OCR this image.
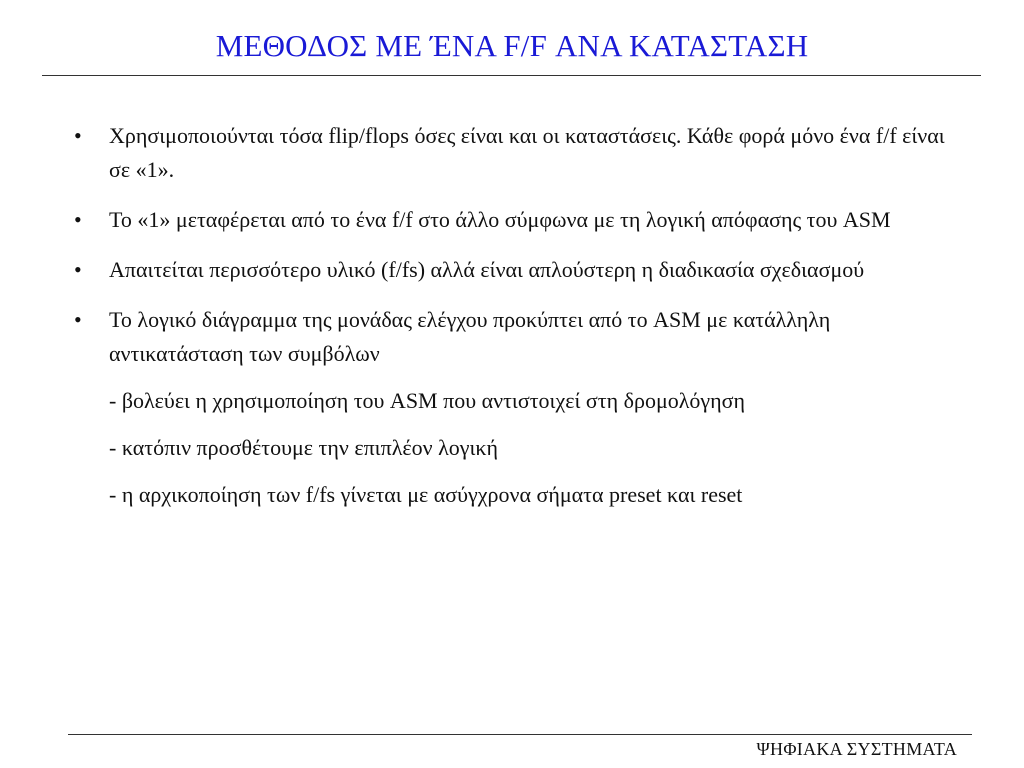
ΜΕΘΟΔΟΣ ΜΕ ΈΝΑ F/F ΑΝΑ ΚΑΤΑΣΤΑΣΗ
• Χρησιμοποιούνται τόσα flip/flops όσες είναι και οι καταστάσεις. Κάθε φορά μόνο ένα f/f είναι σε «1».
• Το «1» μεταφέρεται από το ένα f/f στο άλλο σύμφωνα με τη λογική απόφασης του ASM
• Απαιτείται περισσότερο υλικό (f/fs) αλλά είναι απλούστερη η διαδικασία σχεδιασμού
• Το λογικό διάγραμμα της μονάδας ελέγχου προκύπτει από το ASM με κατάλληλη αντικατάσταση των συμβόλων
- βολεύει η χρησιμοποίηση του ASM που αντιστοιχεί στη δρομολόγηση
- κατόπιν προσθέτουμε την επιπλέον λογική
- η αρχικοποίηση των f/fs γίνεται με ασύγχρονα σήματα preset και reset
ΨΗΦΙΑΚΑ ΣΥΣΤΗΜΑΤΑ
